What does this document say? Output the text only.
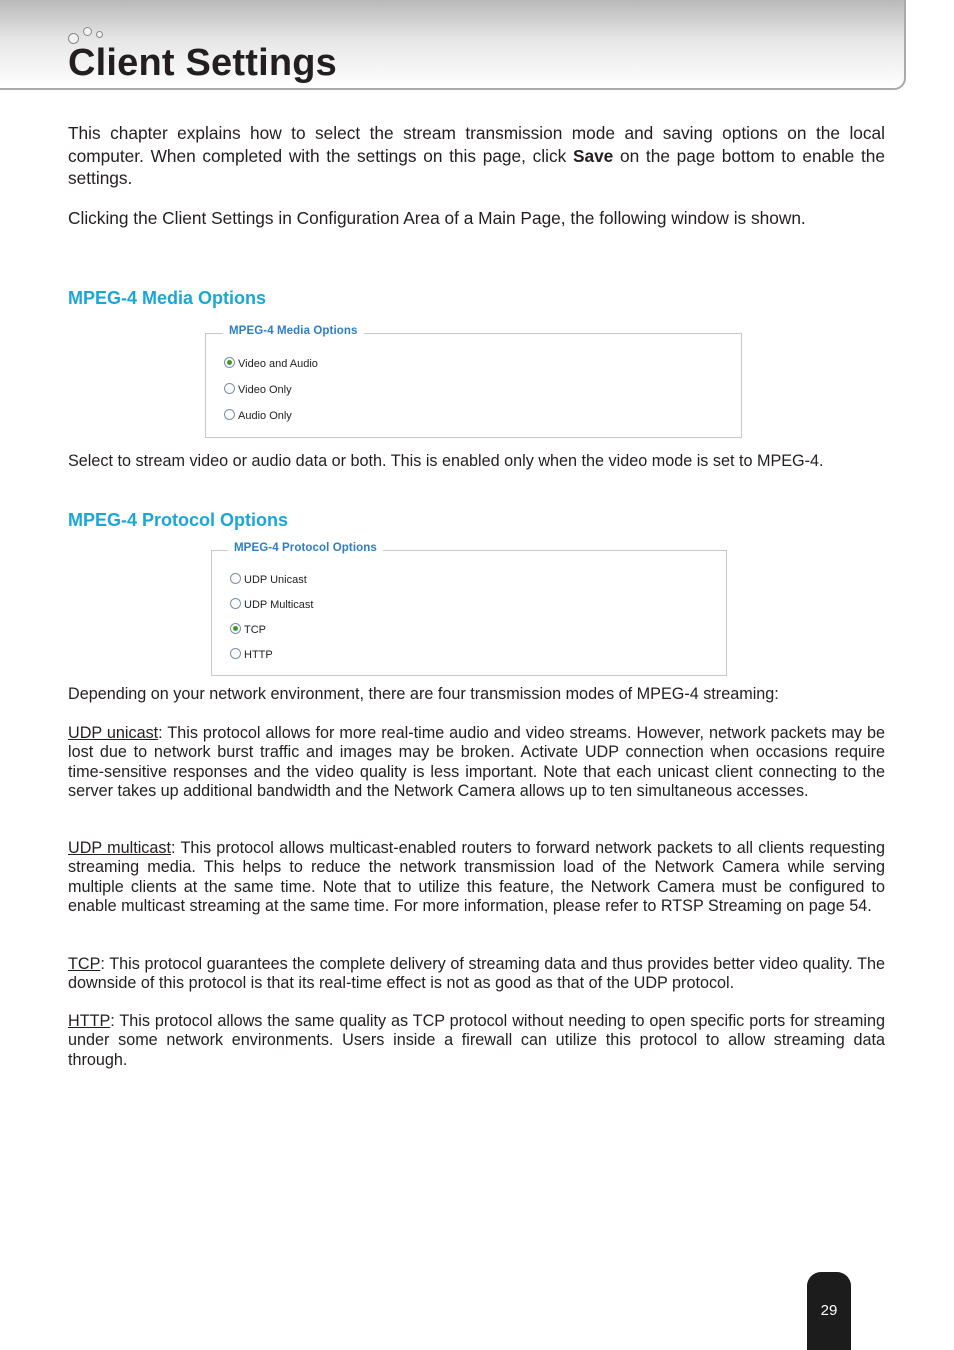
Client Settings

This chapter explains how to select the stream transmission mode and saving options on the local computer. When completed with the settings on this page, click Save on the page bottom to enable the settings.

Clicking the Client Settings in Configuration Area of a Main Page, the following window is shown.

MPEG-4 Media Options
MPEG-4 Media Options
Video and Audio
Video Only
Audio Only

Select to stream video or audio data or both. This is enabled only when the video mode is set to MPEG-4.

MPEG-4 Protocol Options
MPEG-4 Protocol Options
UDP Unicast
UDP Multicast
TCP
HTTP

Depending on your network environment, there are four transmission modes of MPEG-4 streaming:

UDP unicast: This protocol allows for more real-time audio and video streams. However, network packets may be lost due to network burst traffic and images may be broken. Activate UDP connection when occasions require time-sensitive responses and the video quality is less important. Note that each unicast client connecting to the server takes up additional bandwidth and the Network Camera allows up to ten simultaneous accesses.

UDP multicast: This protocol allows multicast-enabled routers to forward network packets to all clients requesting streaming media. This helps to reduce the network transmission load of the Network Camera while serving multiple clients at the same time. Note that to utilize this feature, the Network Camera must be configured to enable multicast streaming at the same time. For more information, please refer to RTSP Streaming on page 54.

TCP: This protocol guarantees the complete delivery of streaming data and thus provides better video quality. The downside of this protocol is that its real-time effect is not as good as that of the UDP protocol.

HTTP: This protocol allows the same quality as TCP protocol without needing to open specific ports for streaming under some network environments. Users inside a firewall can utilize this protocol to allow streaming data through.

29
